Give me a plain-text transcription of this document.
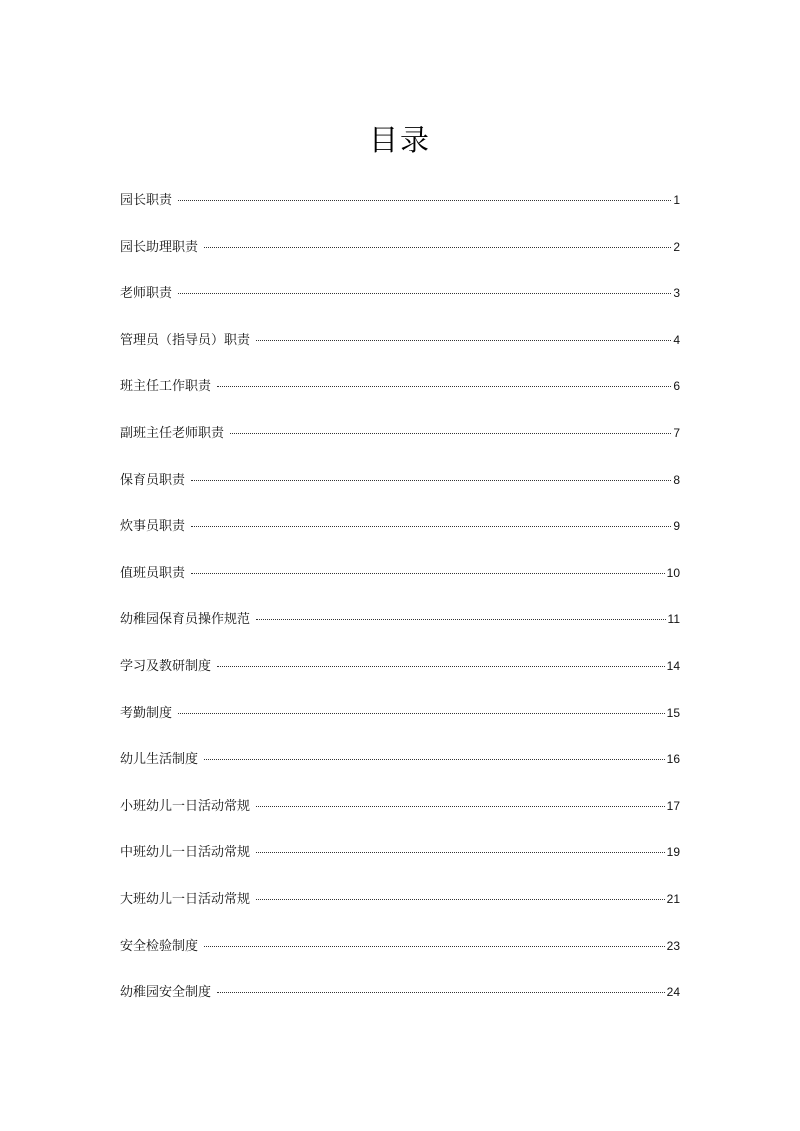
目录
园长职责	1
园长助理职责	2
老师职责	3
管理员（指导员）职责	4
班主任工作职责	6
副班主任老师职责	7
保育员职责	8
炊事员职责	9
值班员职责	10
幼稚园保育员操作规范	11
学习及教研制度	14
考勤制度	15
幼儿生活制度	16
小班幼儿一日活动常规	17
中班幼儿一日活动常规	19
大班幼儿一日活动常规	21
安全检验制度	23
幼稚园安全制度	24
